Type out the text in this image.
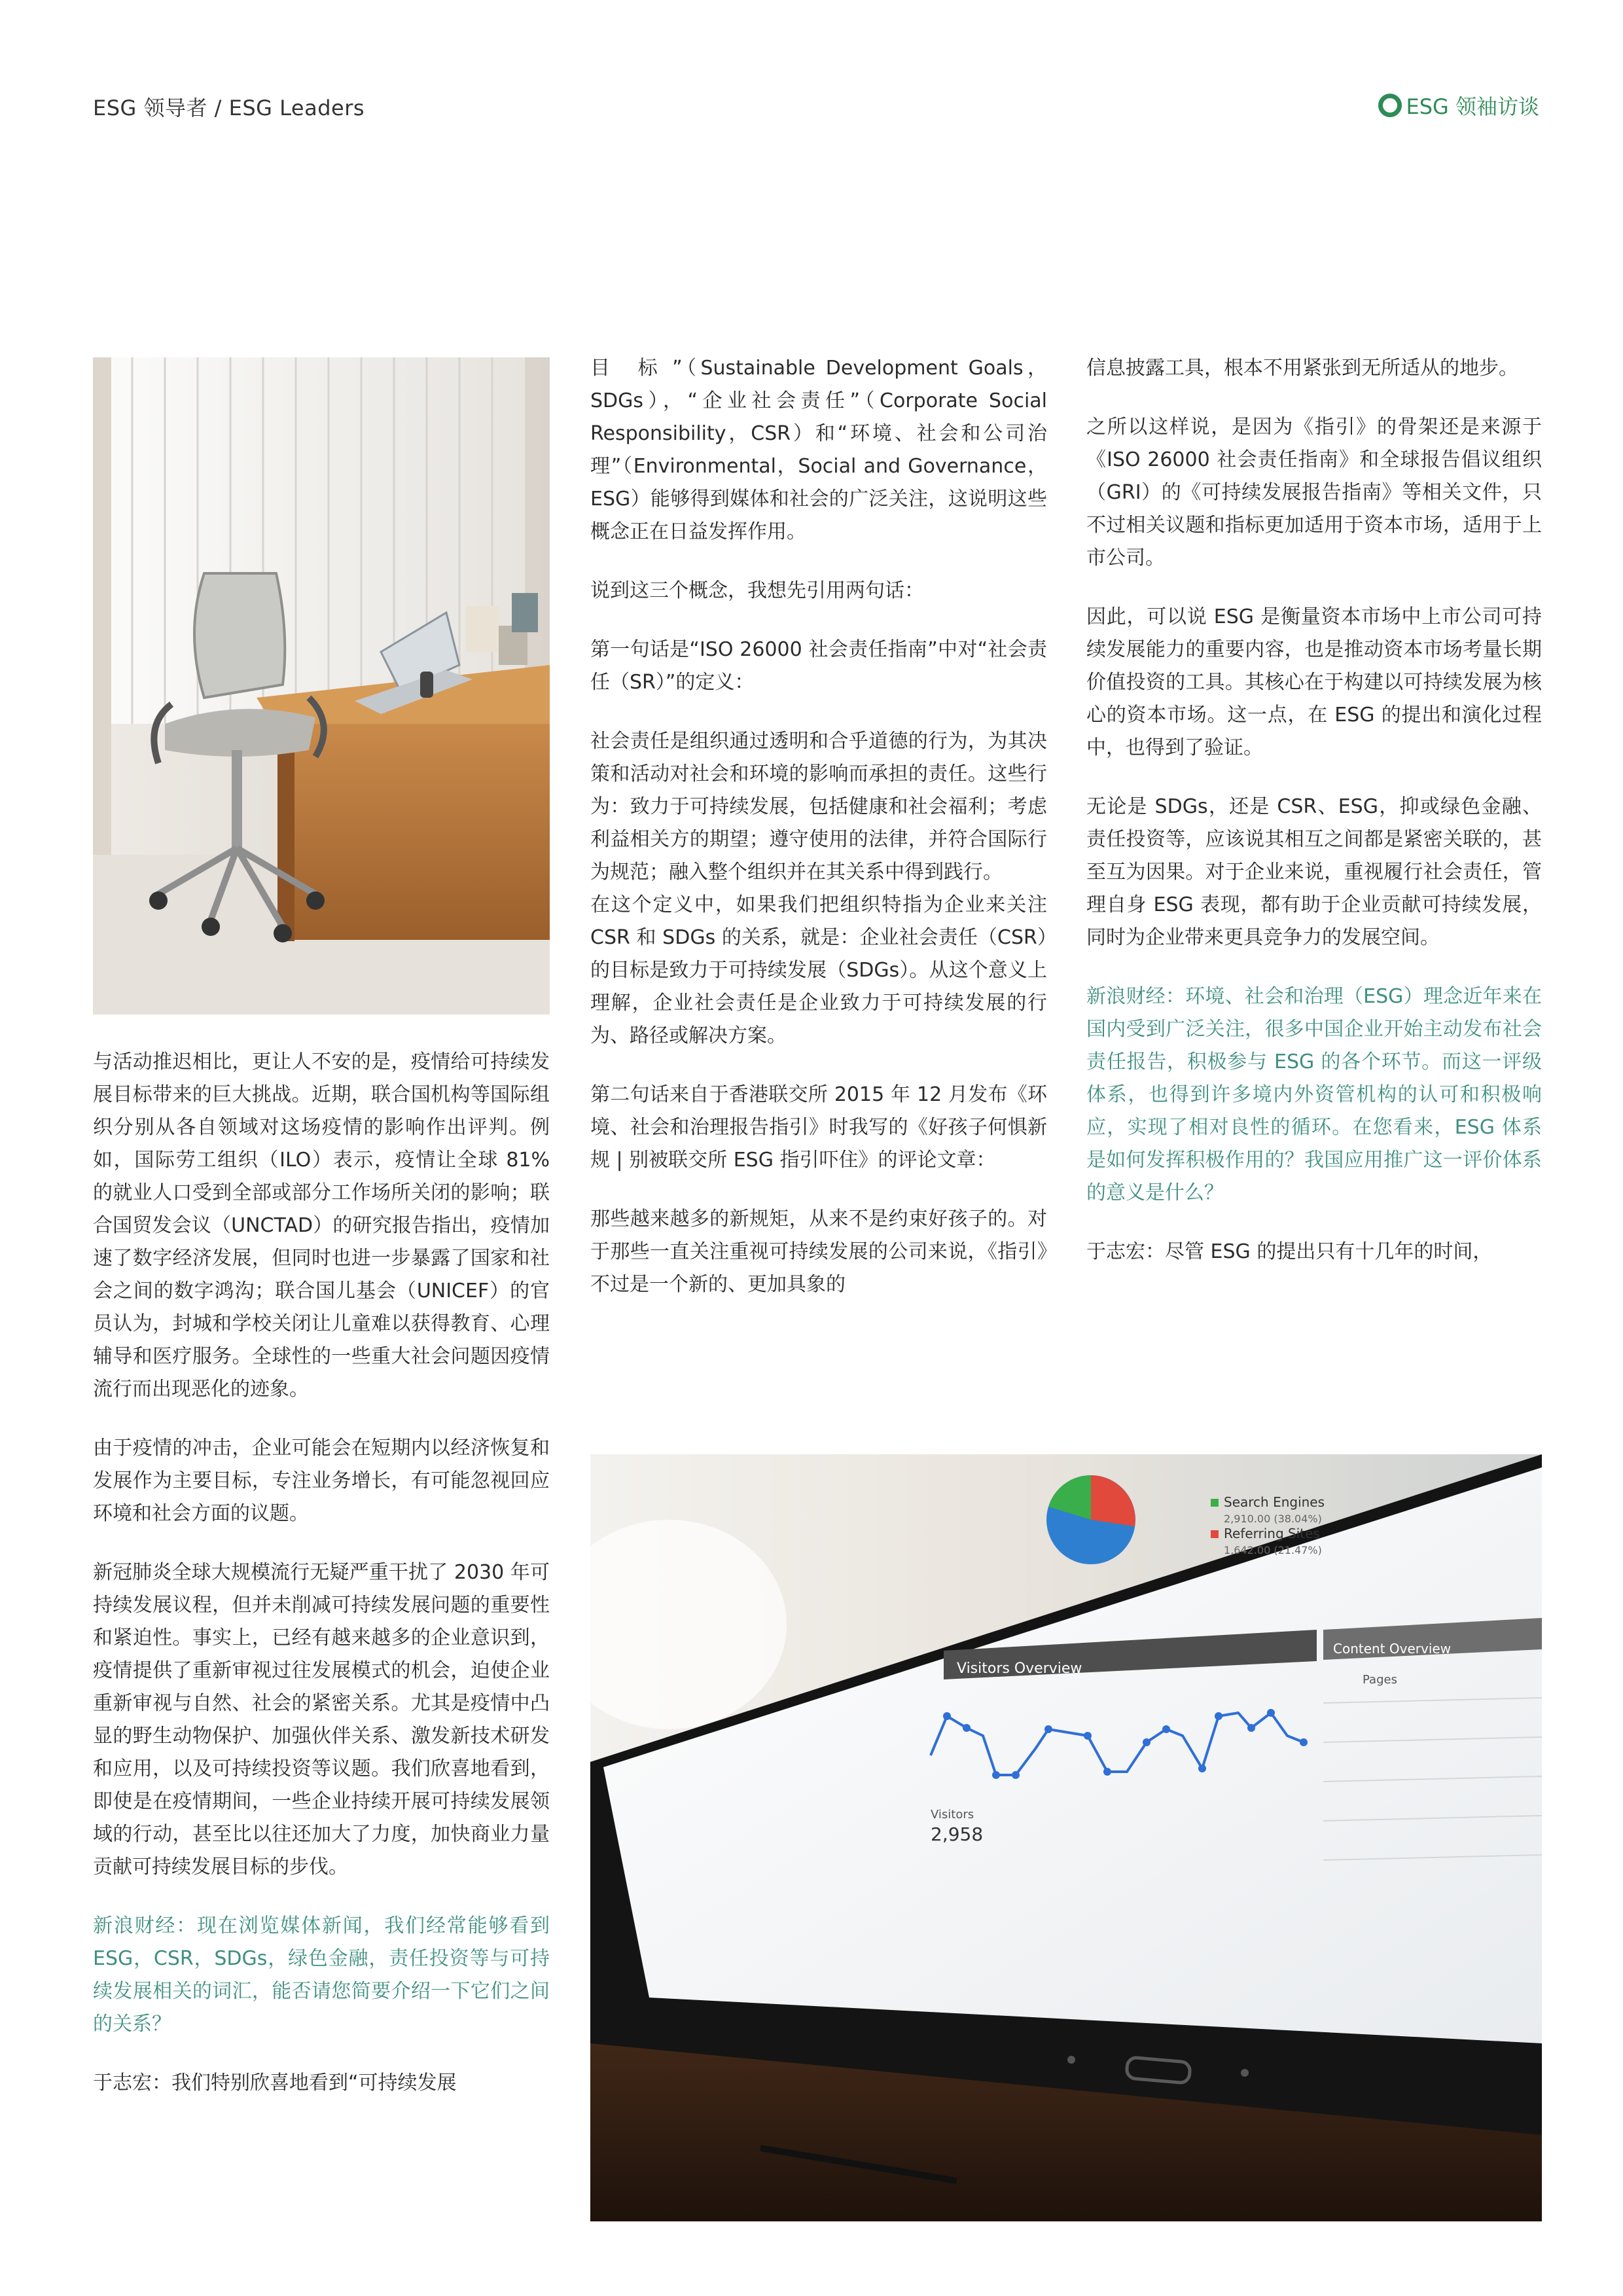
ESG 领导者 / ESG Leaders	ESG 领袖访谈

与活动推迟相比，更让人不安的是，疫情给可持续发展目标带来的巨大挑战。近期，联合国机构等国际组织分别从各自领域对这场疫情的影响作出评判。例如，国际劳工组织（ILO）表示，疫情让全球 81% 的就业人口受到全部或部分工作场所关闭的影响；联合国贸发会议（UNCTAD）的研究报告指出，疫情加速了数字经济发展，但同时也进一步暴露了国家和社会之间的数字鸿沟；联合国儿基会（UNICEF）的官员认为，封城和学校关闭让儿童难以获得教育、心理辅导和医疗服务。全球性的一些重大社会问题因疫情流行而出现恶化的迹象。

由于疫情的冲击，企业可能会在短期内以经济恢复和发展作为主要目标，专注业务增长，有可能忽视回应环境和社会方面的议题。

新冠肺炎全球大规模流行无疑严重干扰了 2030 年可持续发展议程，但并未削减可持续发展问题的重要性和紧迫性。事实上，已经有越来越多的企业意识到，疫情提供了重新审视过往发展模式的机会，迫使企业重新审视与自然、社会的紧密关系。尤其是疫情中凸显的野生动物保护、加强伙伴关系、激发新技术研发和应用，以及可持续投资等议题。我们欣喜地看到，即使是在疫情期间，一些企业持续开展可持续发展领域的行动，甚至比以往还加大了力度，加快商业力量贡献可持续发展目标的步伐。

新浪财经：现在浏览媒体新闻，我们经常能够看到 ESG，CSR，SDGs，绿色金融，责任投资等与可持续发展相关的词汇，能否请您简要介绍一下它们之间的关系？

于志宏：我们特别欣喜地看到“可持续发展

目　标 ”（Sustainable Development Goals，SDGs），“企业社会责任”（Corporate Social Responsibility，CSR）和“环境、社会和公司治理”（Environmental，Social and Governance，ESG）能够得到媒体和社会的广泛关注，这说明这些概念正在日益发挥作用。

说到这三个概念，我想先引用两句话：

第一句话是“ISO 26000 社会责任指南”中对“社会责任（SR）”的定义：

社会责任是组织通过透明和合乎道德的行为，为其决策和活动对社会和环境的影响而承担的责任。这些行为：致力于可持续发展，包括健康和社会福利；考虑利益相关方的期望；遵守使用的法律，并符合国际行为规范；融入整个组织并在其关系中得到践行。

在这个定义中，如果我们把组织特指为企业来关注 CSR 和 SDGs 的关系，就是：企业社会责任（CSR）的目标是致力于可持续发展（SDGs）。从这个意义上理解，企业社会责任是企业致力于可持续发展的行为、路径或解决方案。

第二句话来自于香港联交所 2015 年 12 月发布《环境、社会和治理报告指引》时我写的《好孩子何惧新规 | 别被联交所 ESG 指引吓住》的评论文章：

那些越来越多的新规矩，从来不是约束好孩子的。对于那些一直关注重视可持续发展的公司来说，《指引》不过是一个新的、更加具象的

信息披露工具，根本不用紧张到无所适从的地步。

之所以这样说，是因为《指引》的骨架还是来源于《ISO 26000 社会责任指南》和全球报告倡议组织（GRI）的《可持续发展报告指南》等相关文件，只不过相关议题和指标更加适用于资本市场，适用于上市公司。

因此，可以说 ESG 是衡量资本市场中上市公司可持续发展能力的重要内容，也是推动资本市场考量长期价值投资的工具。其核心在于构建以可持续发展为核心的资本市场。这一点，在 ESG 的提出和演化过程中，也得到了验证。

无论是 SDGs，还是 CSR、ESG，抑或绿色金融、责任投资等，应该说其相互之间都是紧密关联的，甚至互为因果。对于企业来说，重视履行社会责任，管理自身 ESG 表现，都有助于企业贡献可持续发展，同时为企业带来更具竞争力的发展空间。

新浪财经：环境、社会和治理（ESG）理念近年来在国内受到广泛关注，很多中国企业开始主动发布社会责任报告，积极参与 ESG 的各个环节。而这一评级体系，也得到许多境内外资管机构的认可和积极响应，实现了相对良性的循环。在您看来，ESG 体系是如何发挥积极作用的？我国应用推广这一评价体系的意义是什么？

于志宏：尽管 ESG 的提出只有十几年的时间，

Search Engines
2,910.00 (38.04%)
Referring Sites
1,642.00 (21.47%)
Visitors Overview
Content Overview
Pages
Visitors
2,958
